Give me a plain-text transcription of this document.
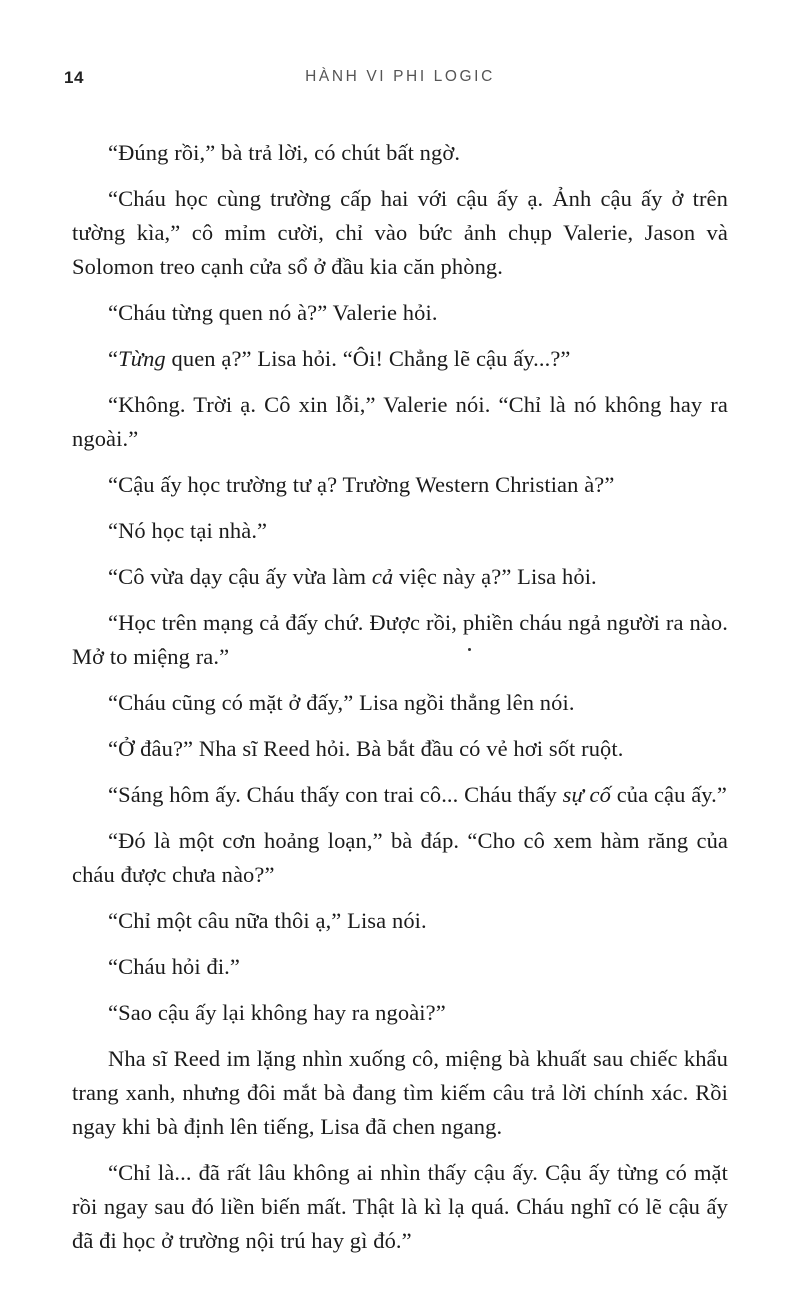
14	HÀNH VI PHI LOGIC

“Đúng rồi,” bà trả lời, có chút bất ngờ.

“Cháu học cùng trường cấp hai với cậu ấy ạ. Ảnh cậu ấy ở trên tường kìa,” cô mỉm cười, chỉ vào bức ảnh chụp Valerie, Jason và Solomon treo cạnh cửa sổ ở đầu kia căn phòng.

“Cháu từng quen nó à?” Valerie hỏi.

“Từng quen ạ?” Lisa hỏi. “Ôi! Chẳng lẽ cậu ấy...?”

“Không. Trời ạ. Cô xin lỗi,” Valerie nói. “Chỉ là nó không hay ra ngoài.”

“Cậu ấy học trường tư ạ? Trường Western Christian à?”

“Nó học tại nhà.”

“Cô vừa dạy cậu ấy vừa làm cả việc này ạ?” Lisa hỏi.

“Học trên mạng cả đấy chứ. Được rồi, phiền cháu ngả người ra nào. Mở to miệng ra.”

“Cháu cũng có mặt ở đấy,” Lisa ngồi thẳng lên nói.

“Ở đâu?” Nha sĩ Reed hỏi. Bà bắt đầu có vẻ hơi sốt ruột.

“Sáng hôm ấy. Cháu thấy con trai cô... Cháu thấy sự cố của cậu ấy.”

“Đó là một cơn hoảng loạn,” bà đáp. “Cho cô xem hàm răng của cháu được chưa nào?”

“Chỉ một câu nữa thôi ạ,” Lisa nói.

“Cháu hỏi đi.”

“Sao cậu ấy lại không hay ra ngoài?”

Nha sĩ Reed im lặng nhìn xuống cô, miệng bà khuất sau chiếc khẩu trang xanh, nhưng đôi mắt bà đang tìm kiếm câu trả lời chính xác. Rồi ngay khi bà định lên tiếng, Lisa đã chen ngang.

“Chỉ là... đã rất lâu không ai nhìn thấy cậu ấy. Cậu ấy từng có mặt rồi ngay sau đó liền biến mất. Thật là kì lạ quá. Cháu nghĩ có lẽ cậu ấy đã đi học ở trường nội trú hay gì đó.”
